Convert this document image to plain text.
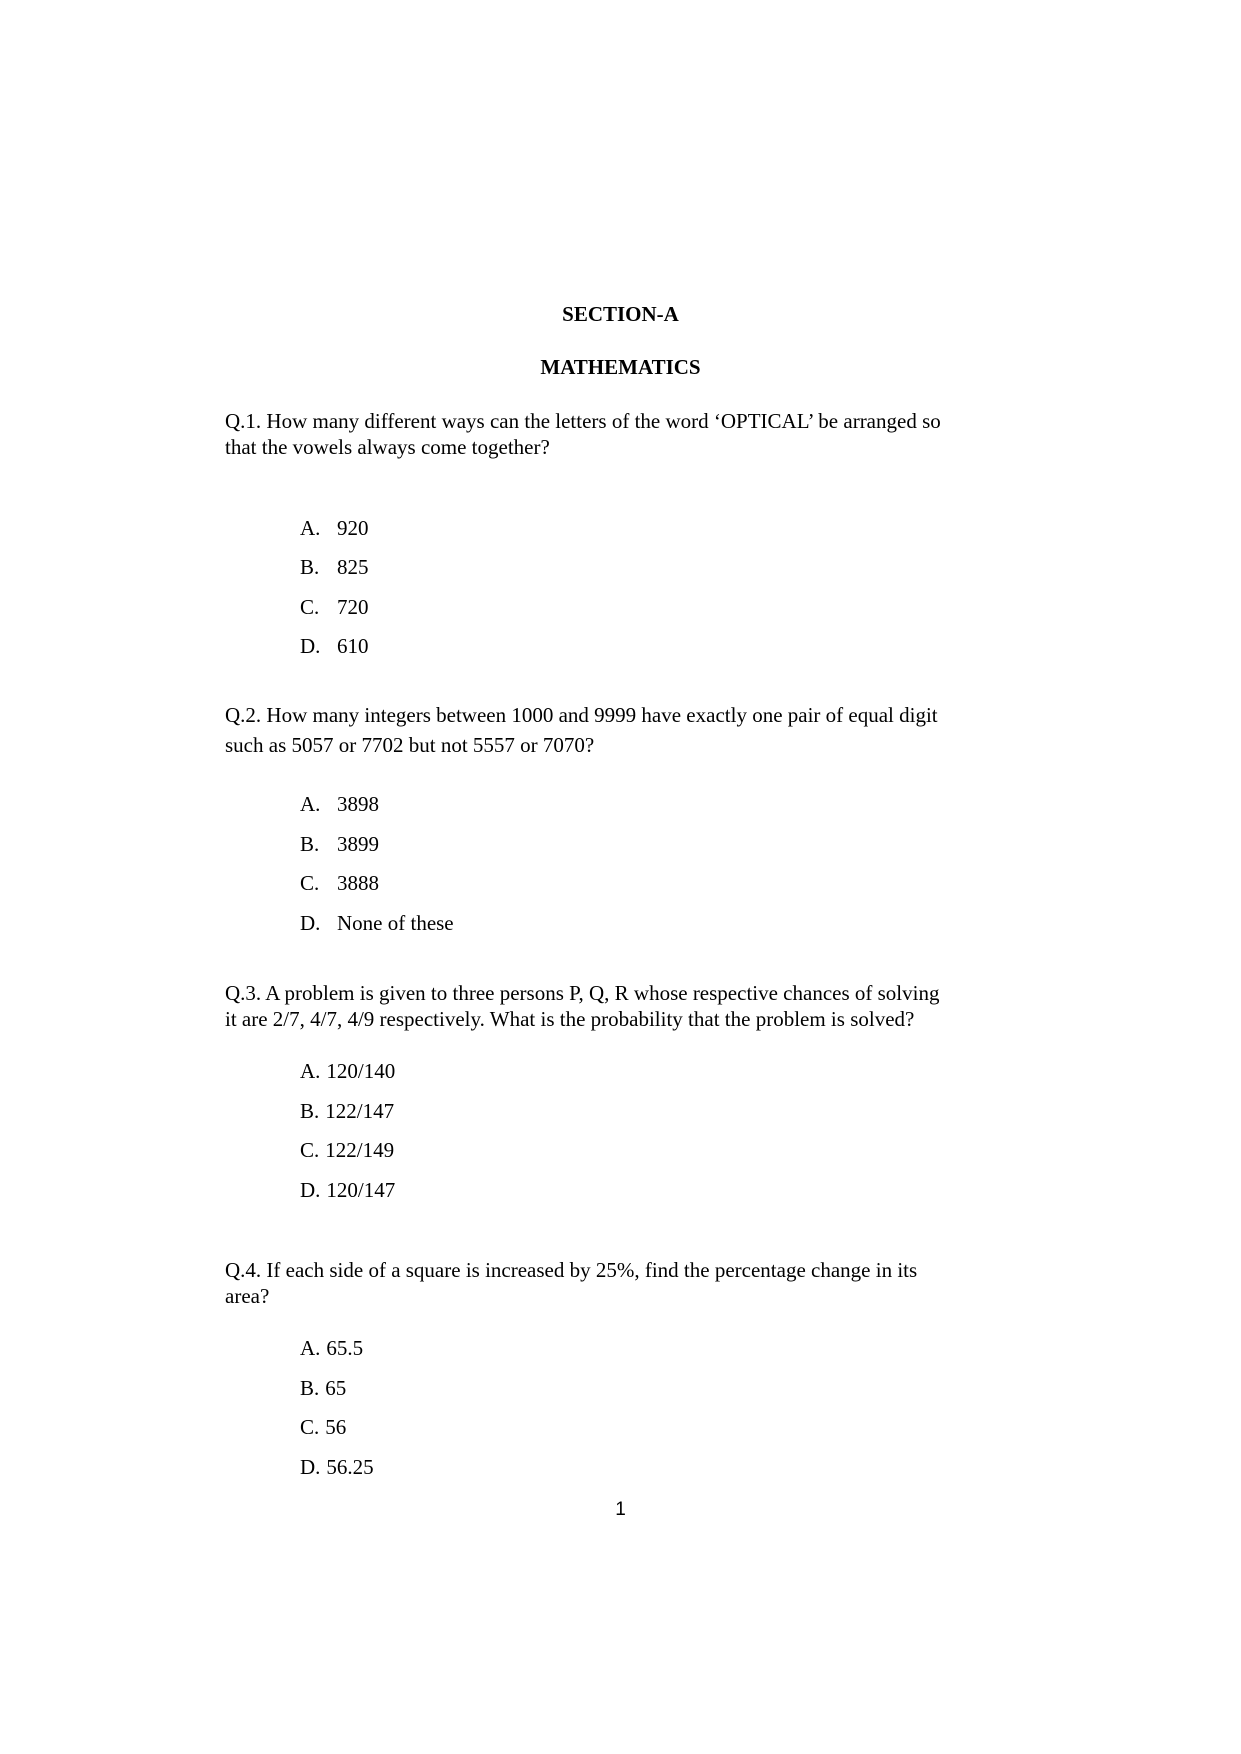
SECTION-A
MATHEMATICS
Q.1. How many different ways can the letters of the word ‘OPTICAL’ be arranged so
that the vowels always come together?
A. 920
B. 825
C. 720
D. 610
Q.2. How many integers between 1000 and 9999 have exactly one pair of equal digit
such as 5057 or 7702 but not 5557 or 7070?
A. 3898
B. 3899
C. 3888
D. None of these
Q.3. A problem is given to three persons P, Q, R whose respective chances of solving
it are 2/7, 4/7, 4/9 respectively. What is the probability that the problem is solved?
A. 120/140
B. 122/147
C. 122/149
D. 120/147
Q.4. If each side of a square is increased by 25%, find the percentage change in its
area?
A. 65.5
B. 65
C. 56
D. 56.25
1
